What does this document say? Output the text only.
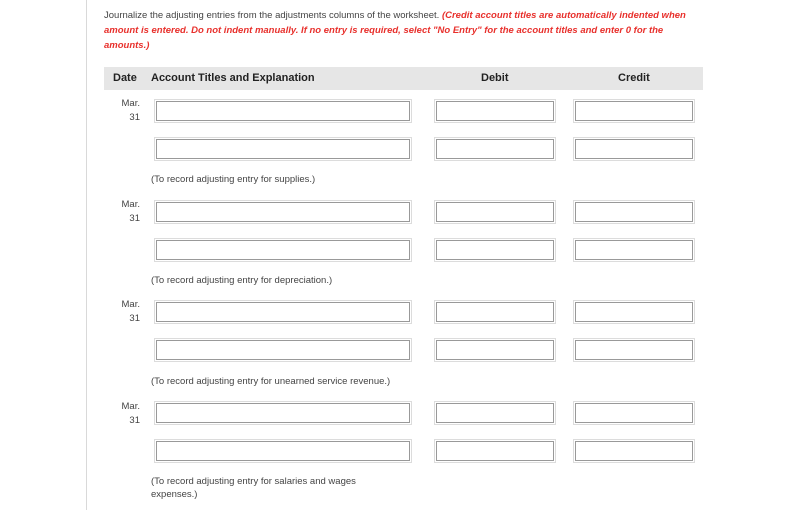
Journalize the adjusting entries from the adjustments columns of the worksheet. (Credit account titles are automatically indented when amount is entered. Do not indent manually. If no entry is required, select "No Entry" for the account titles and enter 0 for the amounts.)
Date Account Titles and Explanation	Debit	Credit
Mar.
31
(To record adjusting entry for supplies.)
Mar.
31
(To record adjusting entry for depreciation.)
Mar.
31
(To record adjusting entry for unearned service revenue.)
Mar.
31
(To record adjusting entry for salaries and wages expenses.)
